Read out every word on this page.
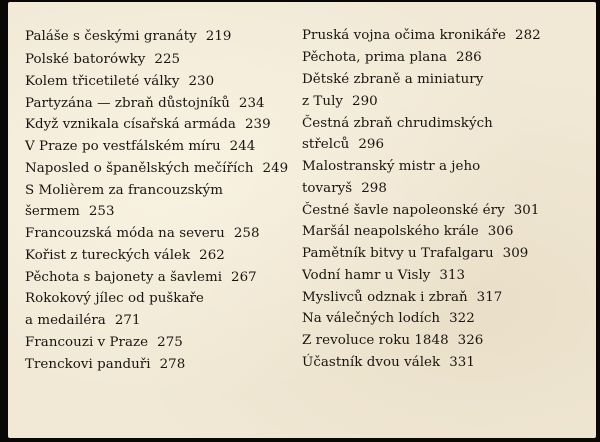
Paláše s českými granáty 219
Polské batorówky 225
Kolem třicetileté války 230
Partyzána — zbraň důstojníků 234
Když vznikala císařská armáda 239
V Praze po vestfálském míru 244
Naposled o španělských mečířích 249
S Molièrem za francouzským
šermem 253
Francouzská móda na severu 258
Kořist z tureckých válek 262
Pěchota s bajonety a šavlemi 267
Rokokový jílec od puškaře
a medailéra 271
Francouzi v Praze 275
Trenckovi panduři 278
Pruská vojna očima kronikáře 282
Pěchota, prima plana 286
Dětské zbraně a miniatury
z Tuly 290
Čestná zbraň chrudimských
střelců 296
Malostranský mistr a jeho
tovaryš 298
Čestné šavle napoleonské éry 301
Maršál neapolského krále 306
Pamětník bitvy u Trafalgaru 309
Vodní hamr u Visly 313
Myslivců odznak i zbraň 317
Na válečných lodích 322
Z revoluce roku 1848 326
Účastník dvou válek 331
